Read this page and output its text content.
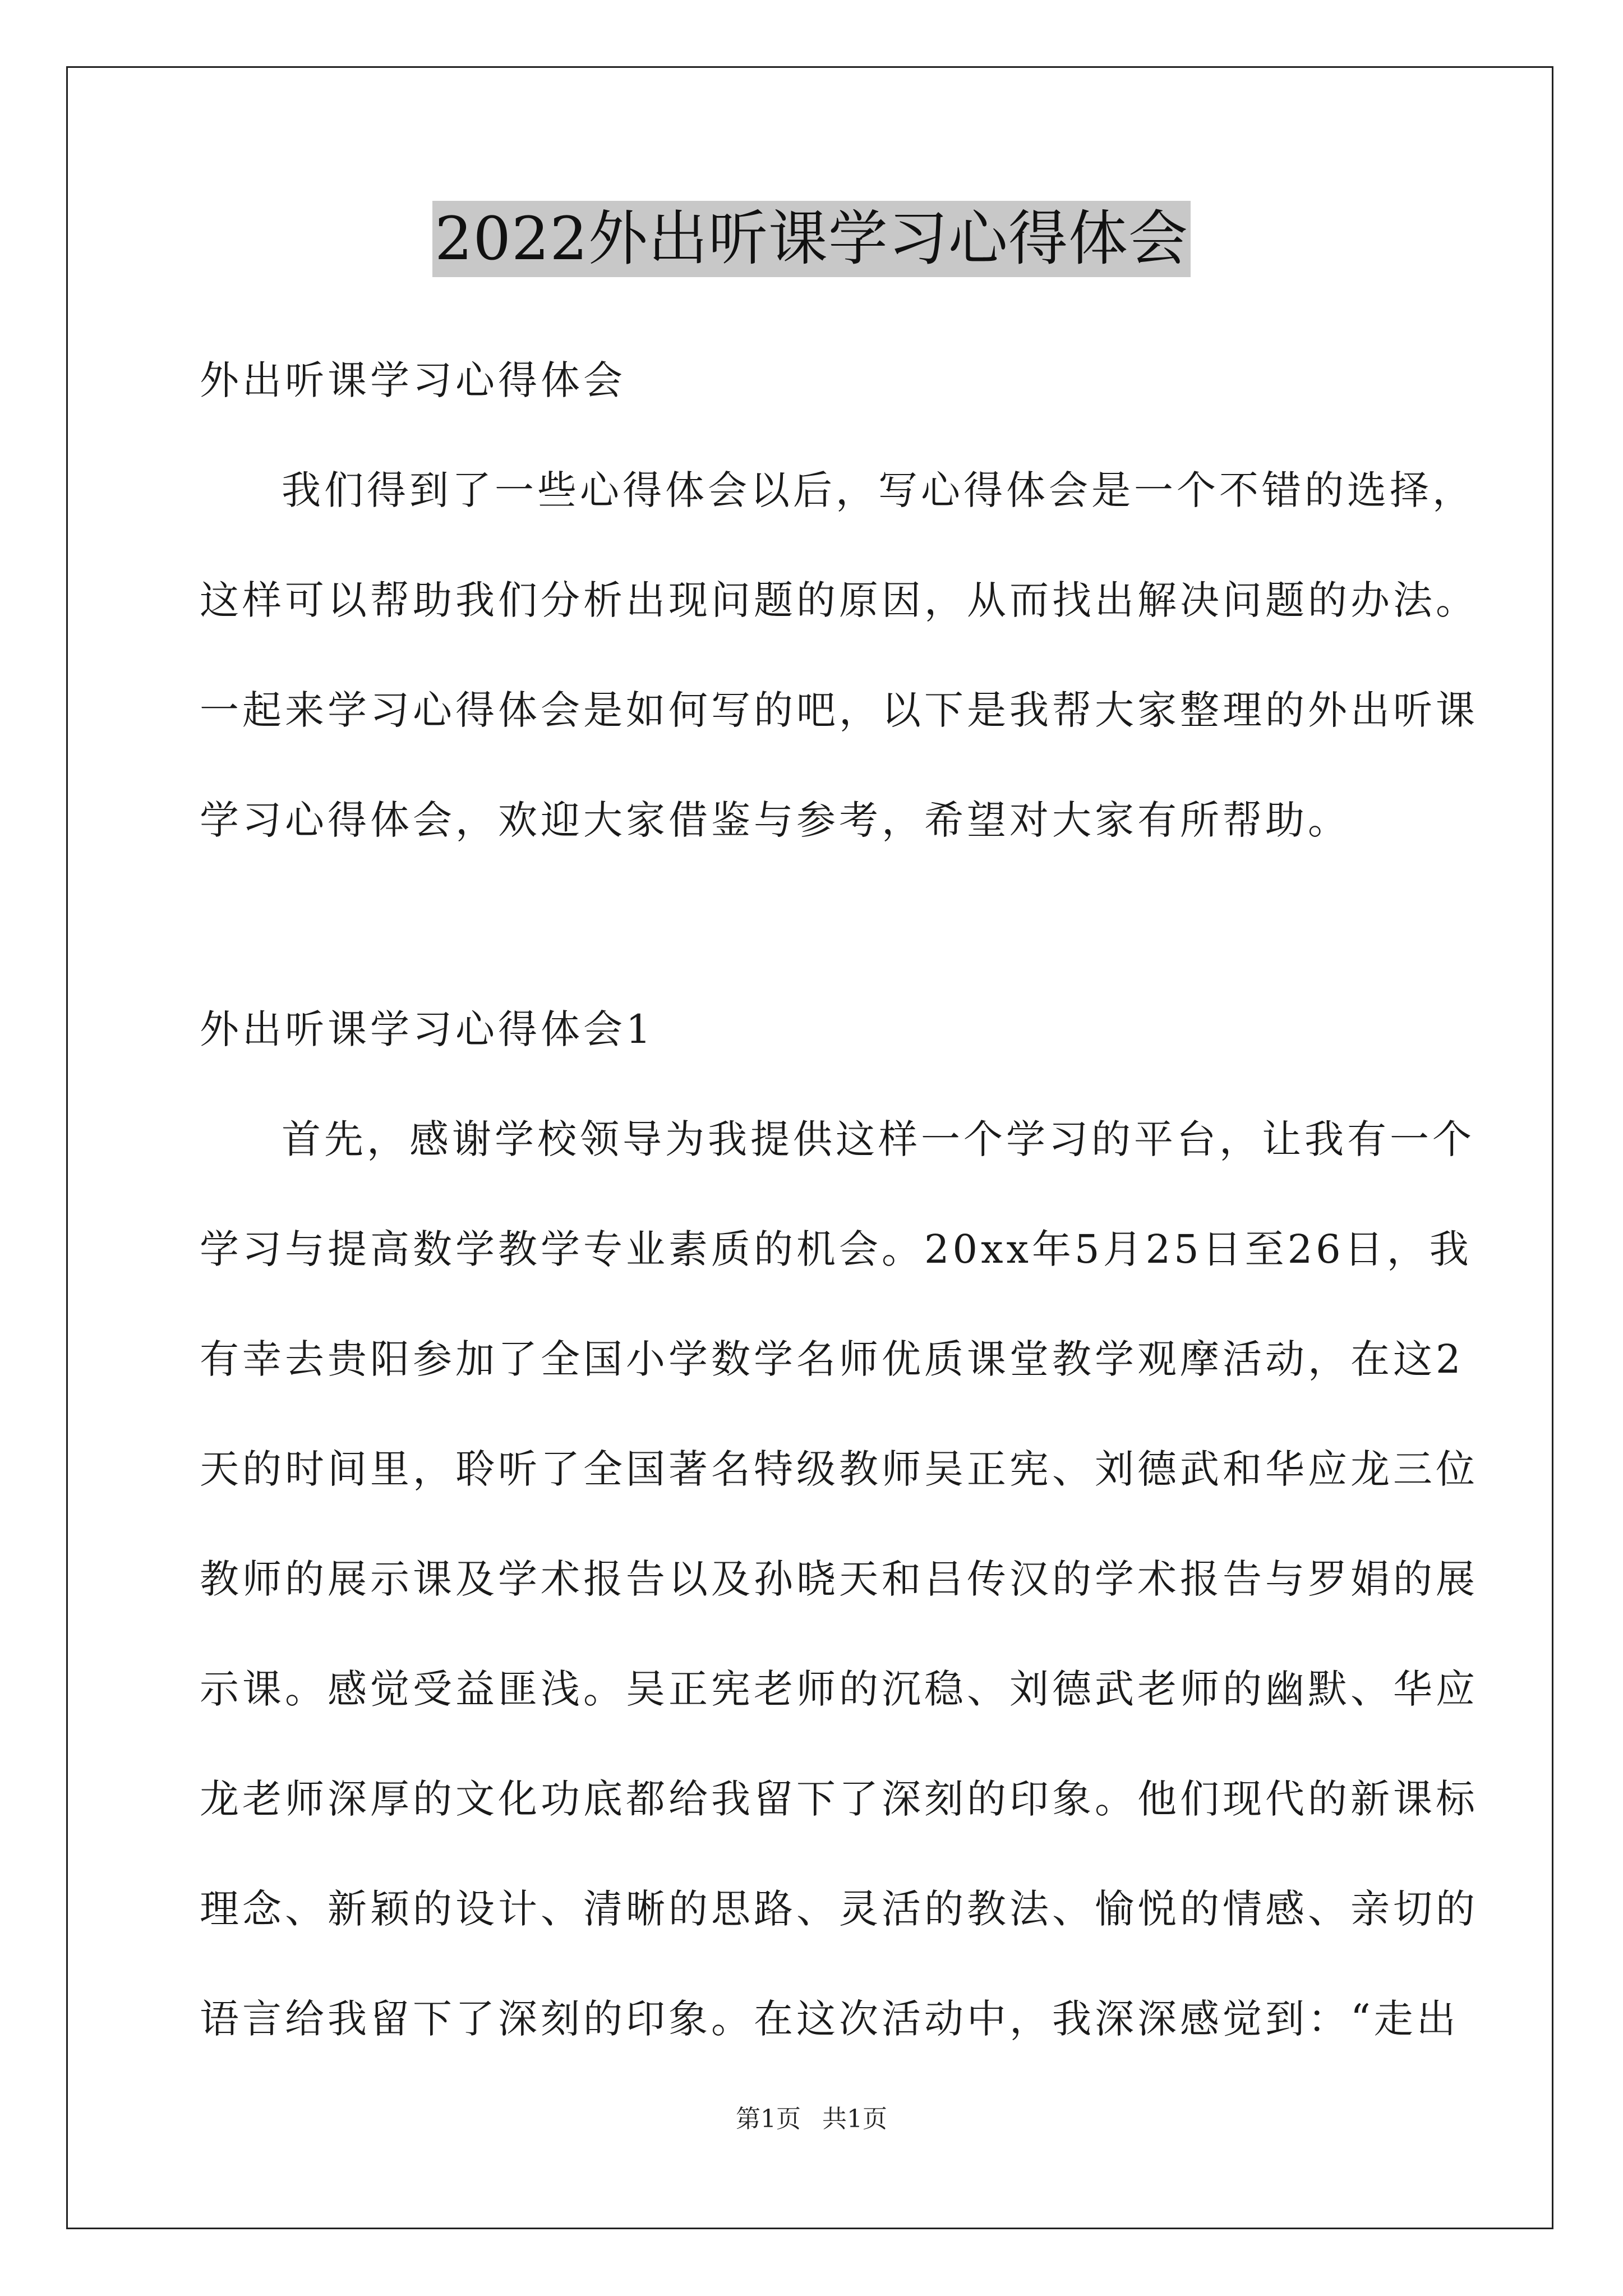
2022外出听课学习心得体会
外出听课学习心得体会
我们得到了一些心得体会以后，写心得体会是一个不错的选择，
这样可以帮助我们分析出现问题的原因，从而找出解决问题的办法。
一起来学习心得体会是如何写的吧，以下是我帮大家整理的外出听课
学习心得体会，欢迎大家借鉴与参考，希望对大家有所帮助。
外出听课学习心得体会1
首先，感谢学校领导为我提供这样一个学习的平台，让我有一个
学习与提高数学教学专业素质的机会。20xx年5月25日至26日，我
有幸去贵阳参加了全国小学数学名师优质课堂教学观摩活动，在这2
天的时间里，聆听了全国著名特级教师吴正宪、刘德武和华应龙三位
教师的展示课及学术报告以及孙晓天和吕传汉的学术报告与罗娟的展
示课。感觉受益匪浅。吴正宪老师的沉稳、刘德武老师的幽默、华应
龙老师深厚的文化功底都给我留下了深刻的印象。他们现代的新课标
理念、新颖的设计、清晰的思路、灵活的教法、愉悦的情感、亲切的
语言给我留下了深刻的印象。在这次活动中，我深深感觉到：“走出
第1页 共1页
